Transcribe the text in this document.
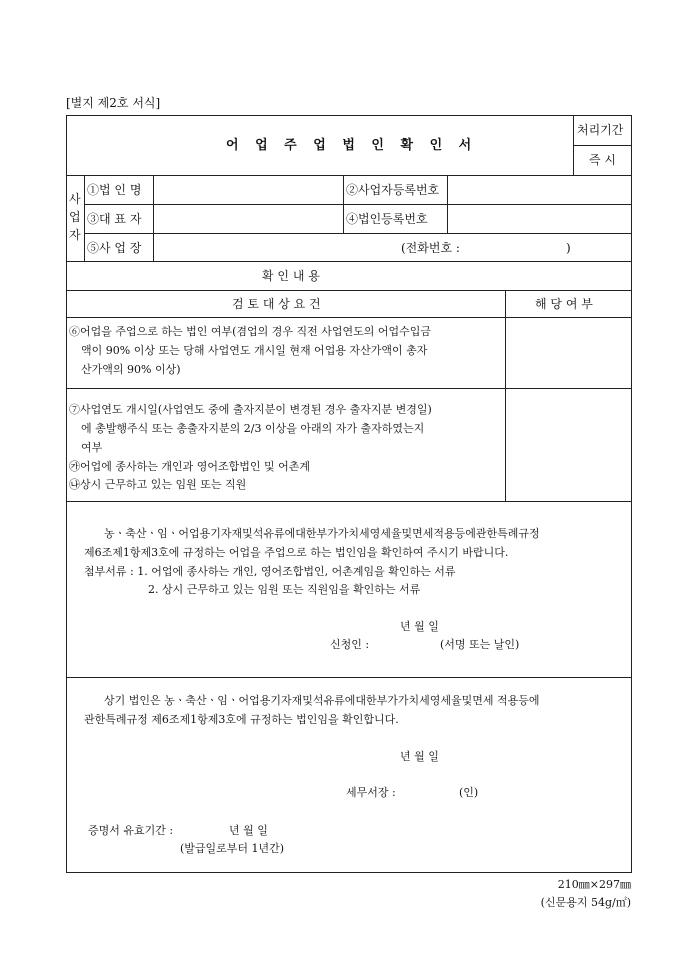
[별지 제2호 서식]
어 업 주 업 법 인 확 인 서
처리기간
즉 시
사
업
자
①법 인 명	②사업자등록번호
③대 표 자	④법인등록번호
⑤사 업 장	(전화번호 :	)
확 인 내 용
검 토 대 상 요 건	해 당 여 부
⑥어업을 주업으로 하는 법인 여부(겸업의 경우 직전 사업연도의 어업수입금
액이 90% 이상 또는 당해 사업연도 개시일 현재 어업용 자산가액이 총자
산가액의 90% 이상)
⑦사업연도 개시일(사업연도 중에 출자지분이 변경된 경우 출자지분 변경일)
에 총발행주식 또는 총출자지분의 2/3 이상을 아래의 자가 출자하였는지
여부
㉮어업에 종사하는 개인과 영어조합법인 및 어촌계
㉯상시 근무하고 있는 임원 또는 직원
농ㆍ축산ㆍ임ㆍ어업용기자재및석유류에대한부가가치세영세율및면세적용등에관한특례규정
제6조제1항제3호에 규정하는 어업을 주업으로 하는 법인임을 확인하여 주시기 바랍니다.
첨부서류 : 1. 어업에 종사하는 개인, 영어조합법인, 어촌계임을 확인하는 서류
2. 상시 근무하고 있는 임원 또는 직원임을 확인하는 서류
년 월 일
신청인 :	(서명 또는 날인)
상기 법인은 농ㆍ축산ㆍ임ㆍ어업용기자재및석유류에대한부가가치세영세율및면세 적용등에
관한특례규정 제6조제1항제3호에 규정하는 법인임을 확인합니다.
년 월 일
세무서장 :	(인)
증명서 유효기간 :	년 월 일
(발급일로부터 1년간)
210㎜×297㎜
(신문용지 54g/㎡)
